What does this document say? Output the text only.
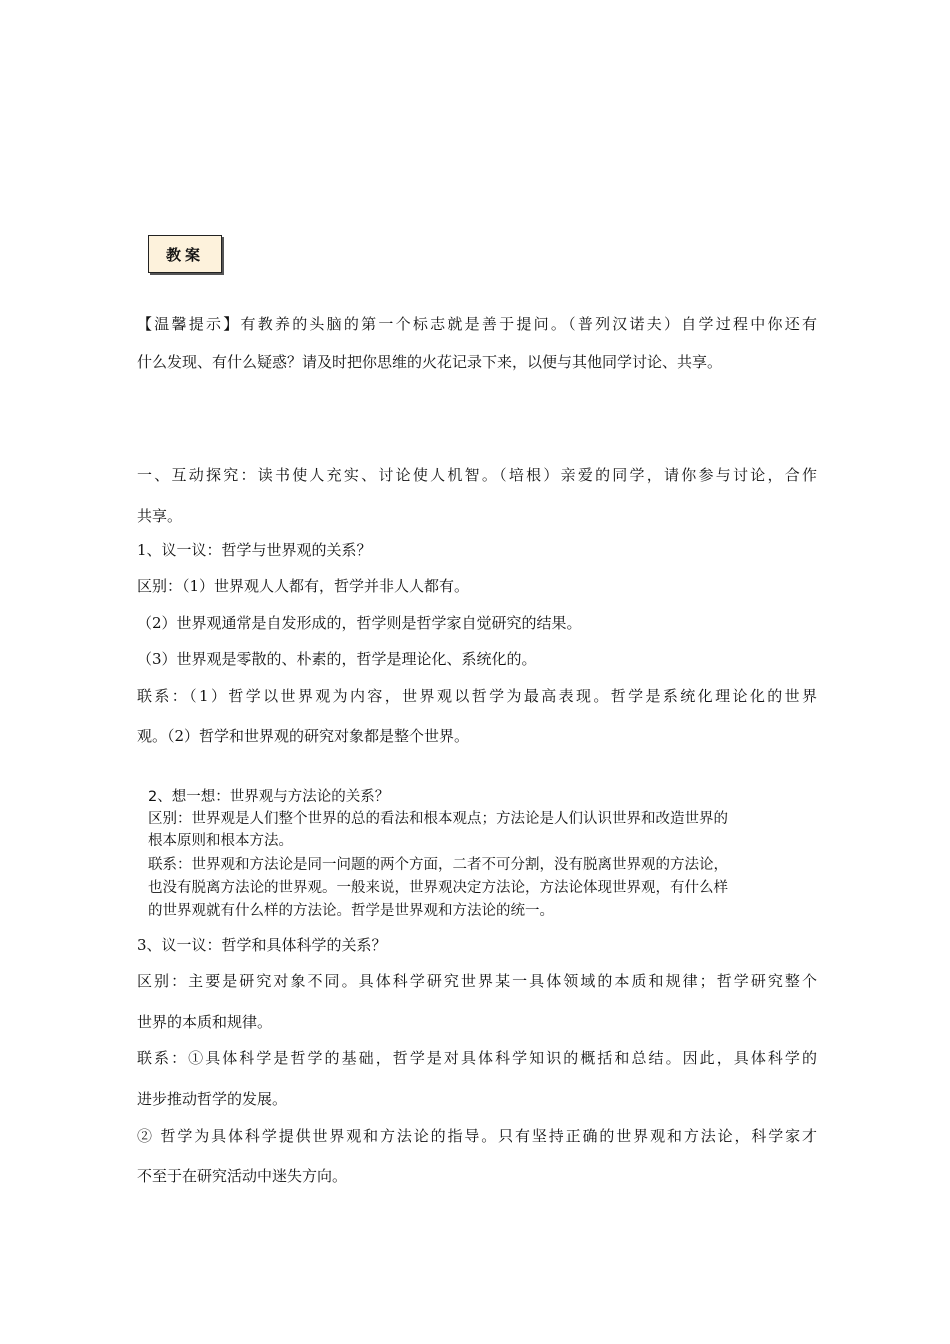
教案
【温馨提示】有教养的头脑的第一个标志就是善于提问。（普列汉诺夫）自学过程中你还有
什么发现、有什么疑惑？请及时把你思维的火花记录下来，以便与其他同学讨论、共享。
一、互动探究：读书使人充实、讨论使人机智。（培根）亲爱的同学，请你参与讨论，合作
共享。
1、议一议：哲学与世界观的关系？
区别：（1）世界观人人都有，哲学并非人人都有。
（2）世界观通常是自发形成的，哲学则是哲学家自觉研究的结果。
（3）世界观是零散的、朴素的，哲学是理论化、系统化的。
联系：（1）哲学以世界观为内容，世界观以哲学为最高表现。哲学是系统化理论化的世界
观。（2）哲学和世界观的研究对象都是整个世界。
2、想一想：世界观与方法论的关系？
区别：世界观是人们整个世界的总的看法和根本观点；方法论是人们认识世界和改造世界的
根本原则和根本方法。
联系：世界观和方法论是同一问题的两个方面，二者不可分割，没有脱离世界观的方法论，
也没有脱离方法论的世界观。一般来说，世界观决定方法论，方法论体现世界观，有什么样
的世界观就有什么样的方法论。哲学是世界观和方法论的统一。
3、议一议：哲学和具体科学的关系？
区别：主要是研究对象不同。具体科学研究世界某一具体领域的本质和规律；哲学研究整个
世界的本质和规律。
联系：①具体科学是哲学的基础，哲学是对具体科学知识的概括和总结。因此，具体科学的
进步推动哲学的发展。
② 哲学为具体科学提供世界观和方法论的指导。只有坚持正确的世界观和方法论，科学家才
不至于在研究活动中迷失方向。
